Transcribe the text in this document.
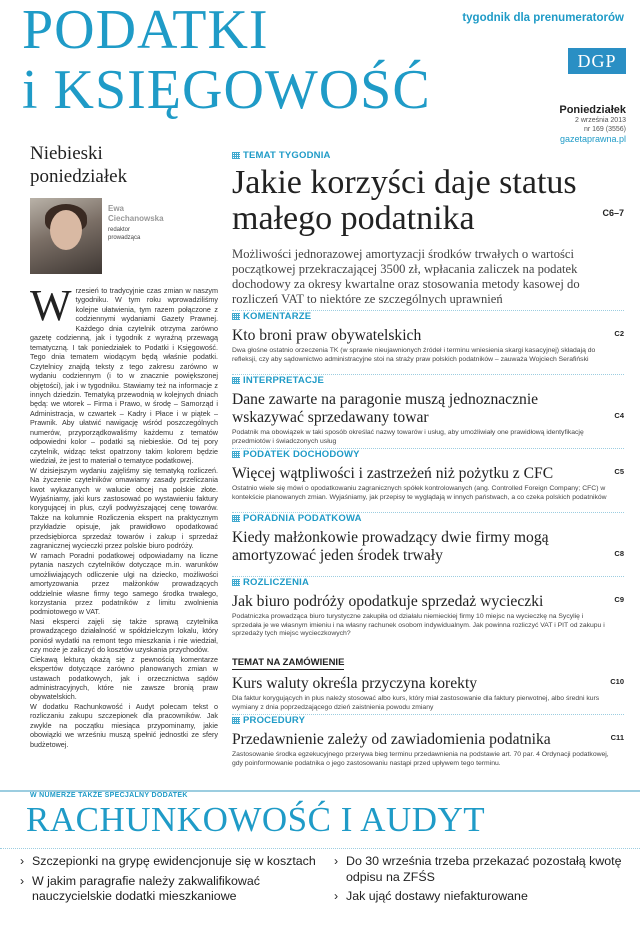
PODATKI
i KSIĘGOWOŚĆ
tygodnik dla prenumeratorów
DGP
Poniedziałek
2 września 2013
nr 169 (3556)
gazetaprawna.pl
Niebieski
poniedziałek
Ewa
Ciechanowska
redaktor
prowadząca

Wrzesień to tradycyjnie czas zmian w naszym tygodniku. W tym roku wprowadziliśmy kolejne ułatwienia, tym razem połączone z codziennymi wydaniami Gazety Prawnej. Każdego dnia czytelnik otrzyma zarówno gazetę codzienną, jak i tygodnik z wyraźną przewagą tematyczną. I tak poniedziałek to Podatki i Księgowość. Tego dnia tematem wiodącym będą właśnie podatki. Czytelnicy znajdą teksty z tego zakresu zarówno w wydaniu codziennym (i to w znacznie powiększonej objętości), jak i w tygodniku. Stawiamy też na informacje z innych dziedzin. Tematyką przewodnią w kolejnych dniach będą: we wtorek – Firma i Prawo, w środę – Samorząd i Administracja, w czwartek – Kadry i Płace i w piątek – Prawnik. Aby ułatwić nawigację wśród poszczególnych numerów, przyporządkowaliśmy każdemu z tematów odpowiedni kolor – podatki są niebieskie. Od tej pory czytelnik, widząc tekst opatrzony takim kolorem będzie wiedział, że jest to materiał o tematyce podatkowej.

W dzisiejszym wydaniu zajęliśmy się tematyką rozliczeń. Na życzenie czytelników omawiamy zasady przeliczania kwot wykazanych w walucie obcej na polskie złote. Wyjaśniamy, jaki kurs zastosować po wystawieniu faktury korygującej in plus, czyli podwyższającej cenę towarów. Także na kolumnie Rozliczenia ekspert na praktycznym przykładzie opisuje, jak prawidłowo opodatkować przedsiębiorca sprzedaż towarów i zakup i sprzedaż zagranicznej wycieczki przez polskie biuro podróży.

W ramach Poradni podatkowej odpowiadamy na liczne pytania naszych czytelników dotyczące m.in. warunków umożliwiających odliczenie ulgi na dziecko, możliwości amortyzowania przez małżonków prowadzących oddzielnie własne firmy tego samego środka trwałego, korzystania przez podatników z limitu zwolnienia podmiotowego w VAT.

Nasi eksperci zajęli się także sprawą czytelnika prowadzącego działalność w spółdzielczym lokalu, który poniósł wydatki na remont tego mieszkania i nie wiedział, czy może je zaliczyć do kosztów uzyskania przychodów.

Ciekawą lekturą okażą się z pewnością komentarze ekspertów dotyczące zarówno planowanych zmian w ustawach podatkowych, jak i orzecznictwa sądów administracyjnych, które nie zawsze bronią praw obywatelskich.

W dodatku Rachunkowość i Audyt polecam tekst o rozliczaniu zakupu szczepionek dla pracowników. Jak zwykle na początku miesiąca przypominamy, jakie obowiązki we wrześniu muszą spełnić jednostki ze sfery budżetowej.

TEMAT TYGODNIA
Jakie korzyści daje status
małego podatnika	C6–7
Możliwości jednorazowej amortyzacji środków trwałych o wartości początkowej przekraczającej 3500 zł, wpłacania zaliczek na podatek dochodowy za okresy kwartalne oraz stosowania metody kasowej do rozliczeń VAT to niektóre ze szczególnych uprawnień
KOMENTARZE
Kto broni praw obywatelskich	C2
Dwa głośne ostatnio orzeczenia TK (w sprawie nieujawnionych źródeł i terminu wniesienia skargi kasacyjnej) składają do refleksji, czy aby sądownictwo administracyjne stoi na straży praw polskich podatników – zauważa Wojciech Serafiński
INTERPRETACJE
Dane zawarte na paragonie muszą jednoznacznie wskazywać sprzedawany towar	C4
Podatnik ma obowiązek w taki sposób określać nazwy towarów i usług, aby umożliwiały one prawidłową identyfikację przedmiotów i świadczonych usług
PODATEK DOCHODOWY
Więcej wątpliwości i zastrzeżeń niż pożytku z CFC	C5
Ostatnio wiele się mówi o opodatkowaniu zagranicznych spółek kontrolowanych (ang. Controlled Foreign Company; CFC) w kontekście planowanych zmian. Wyjaśniamy, jak przepisy te wyglądają w innych państwach, a co czeka polskich podatników
PORADNIA PODATKOWA
Kiedy małżonkowie prowadzący dwie firmy mogą amortyzować jeden środek trwały	C8
ROZLICZENIA
Jak biuro podróży opodatkuje sprzedaż wycieczki	C9
Podatniczka prowadząca biuro turystyczne zakupiła od działalu niemieckiej firmy 10 miejsc na wycieczkę na Sycylię i sprzedała je we własnym imieniu i na własny rachunek osobom indywidualnym. Jak powinna rozliczyć VAT i PIT od zakupu i sprzedaży tych miejsc wycieczkowych?
TEMAT NA ZAMÓWIENIE
Kurs waluty określa przyczyna korekty	C10
Dla faktur korygujących in plus należy stosować albo kurs, który miał zastosowanie dla faktury pierwotnej, albo średni kurs wymiany z dnia poprzedzającego dzień zaistnienia powodu zmiany
PROCEDURY
Przedawnienie zależy od zawiadomienia podatnika	C11
Zastosowanie środka egzekucyjnego przerywa bieg terminu przedawnienia na podstawie art. 70 par. 4 Ordynacji podatkowej, gdy poinformowanie podatnika o jego zastosowaniu nastąpi przed upływem tego terminu.
W NUMERZE TAKŻE SPECJALNY DODATEK
RACHUNKOWOŚĆ I AUDYT
› Szczepionki na grypę ewidencjonuje się w kosztach
› W jakim paragrafie należy zakwalifikować nauczycielskie dodatki mieszkaniowe
› Do 30 września trzeba przekazać pozostałą kwotę odpisu na ZFŚS
› Jak ująć dostawy niefakturowane
